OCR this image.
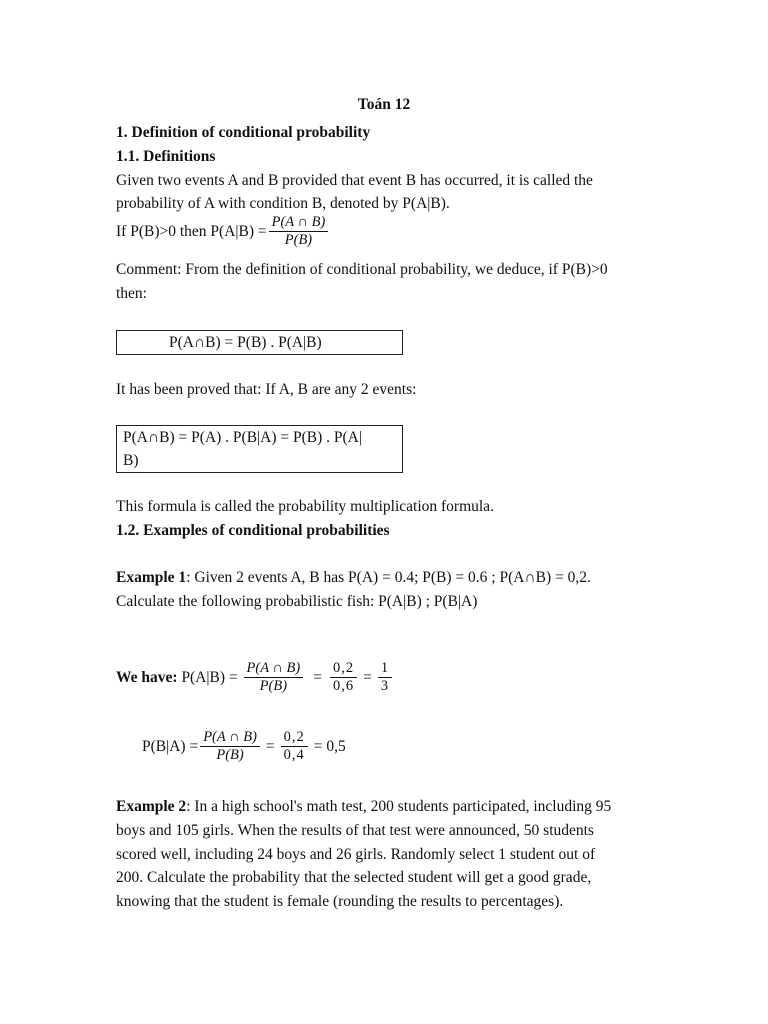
Toán 12
1. Definition of conditional probability
1.1. Definitions
Given two events A and B provided that event B has occurred, it is called the
probability of A with condition B, denoted by P(A|B).
If P(B)>0 then $P(A|B) = \frac{P(A \cap B)}{P(B)}$
Comment: From the definition of conditional probability, we deduce, if P(B)>0
then:
P(A∩B) = P(B) . P(A|B)
It has been proved that: If A, B are any 2 events:
P(A∩B) = P(A) . P(B|A) = P(B) . P(A|
B)
This formula is called the probability multiplication formula.
1.2. Examples of conditional probabilities
Example 1: Given 2 events A, B has P(A) = 0.4; P(B) = 0.6 ; P(A∩B) = 0,2.
Calculate the following probabilistic fish: P(A|B) ; P(B|A)
We have: $P(A|B) = \frac{P(A \cap B)}{P(B)} = \frac{0,2}{0,6} = \frac{1}{3}$
$P(B|A) = \frac{P(A \cap B)}{P(B)} = \frac{0,2}{0,4} = 0,5$
Example 2: In a high school's math test, 200 students participated, including 95
boys and 105 girls. When the results of that test were announced, 50 students
scored well, including 24 boys and 26 girls. Randomly select 1 student out of
200. Calculate the probability that the selected student will get a good grade,
knowing that the student is female (rounding the results to percentages).
